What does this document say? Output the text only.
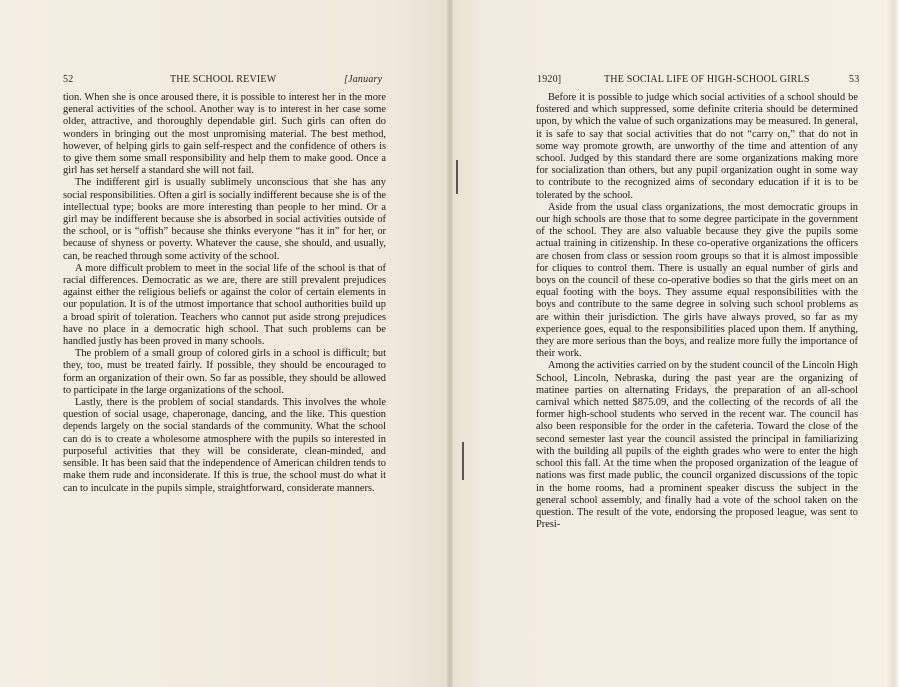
52	THE SCHOOL REVIEW	[January

tion. When she is once aroused there, it is possible to interest her in the more general activities of the school. Another way is to interest in her case some older, attractive, and thoroughly dependable girl. Such girls can often do wonders in bringing out the most unpromising material. The best method, however, of helping girls to gain self-respect and the confidence of others is to give them some small responsibility and help them to make good. Once a girl has set herself a standard she will not fail.

The indifferent girl is usually sublimely unconscious that she has any social responsibilities. Often a girl is socially indifferent because she is of the intellectual type; books are more interesting than people to her mind. Or a girl may be indifferent because she is absorbed in social activities outside of the school, or is “offish” because she thinks everyone “has it in” for her, or because of shyness or poverty. Whatever the cause, she should, and usually, can, be reached through some activity of the school.

A more difficult problem to meet in the social life of the school is that of racial differences. Democratic as we are, there are still prevalent prejudices against either the religious beliefs or against the color of certain elements in our population. It is of the utmost importance that school authorities build up a broad spirit of toleration. Teachers who cannot put aside strong prejudices have no place in a democratic high school. That such problems can be handled justly has been proved in many schools.

The problem of a small group of colored girls in a school is difficult; but they, too, must be treated fairly. If possible, they should be encouraged to form an organization of their own. So far as possible, they should be allowed to participate in the large organizations of the school.

Lastly, there is the problem of social standards. This involves the whole question of social usage, chaperonage, dancing, and the like. This question depends largely on the social standards of the community. What the school can do is to create a wholesome atmosphere with the pupils so interested in purposeful activities that they will be considerate, clean-minded, and sensible. It has been said that the independence of American children tends to make them rude and inconsiderate. If this is true, the school must do what it can to inculcate in the pupils simple, straightforward, considerate manners.

1920]	THE SOCIAL LIFE OF HIGH-SCHOOL GIRLS	53

Before it is possible to judge which social activities of a school should be fostered and which suppressed, some definite criteria should be determined upon, by which the value of such organizations may be measured. In general, it is safe to say that social activities that do not “carry on,” that do not in some way promote growth, are unworthy of the time and attention of any school. Judged by this standard there are some organizations making more for socialization than others, but any pupil organization ought in some way to contribute to the recognized aims of secondary education if it is to be tolerated by the school.

Aside from the usual class organizations, the most democratic groups in our high schools are those that to some degree participate in the government of the school. They are also valuable because they give the pupils some actual training in citizenship. In these co-operative organizations the officers are chosen from class or session room groups so that it is almost impossible for cliques to control them. There is usually an equal number of girls and boys on the council of these co-operative bodies so that the girls meet on an equal footing with the boys. They assume equal responsibilities with the boys and contribute to the same degree in solving such school problems as are within their jurisdiction. The girls have always proved, so far as my experience goes, equal to the responsibilities placed upon them. If anything, they are more serious than the boys, and realize more fully the importance of their work.

Among the activities carried on by the student council of the Lincoln High School, Lincoln, Nebraska, during the past year are the organizing of matinee parties on alternating Fridays, the preparation of an all-school carnival which netted $875.09, and the collecting of the records of all the former high-school students who served in the recent war. The council has also been responsible for the order in the cafeteria. Toward the close of the second semester last year the council assisted the principal in familiarizing with the building all pupils of the eighth grades who were to enter the high school this fall. At the time when the proposed organization of the league of nations was first made public, the council organized discussions of the topic in the home rooms, had a prominent speaker discuss the subject in the general school assembly, and finally had a vote of the school taken on the question. The result of the vote, endorsing the proposed league, was sent to Presi-
